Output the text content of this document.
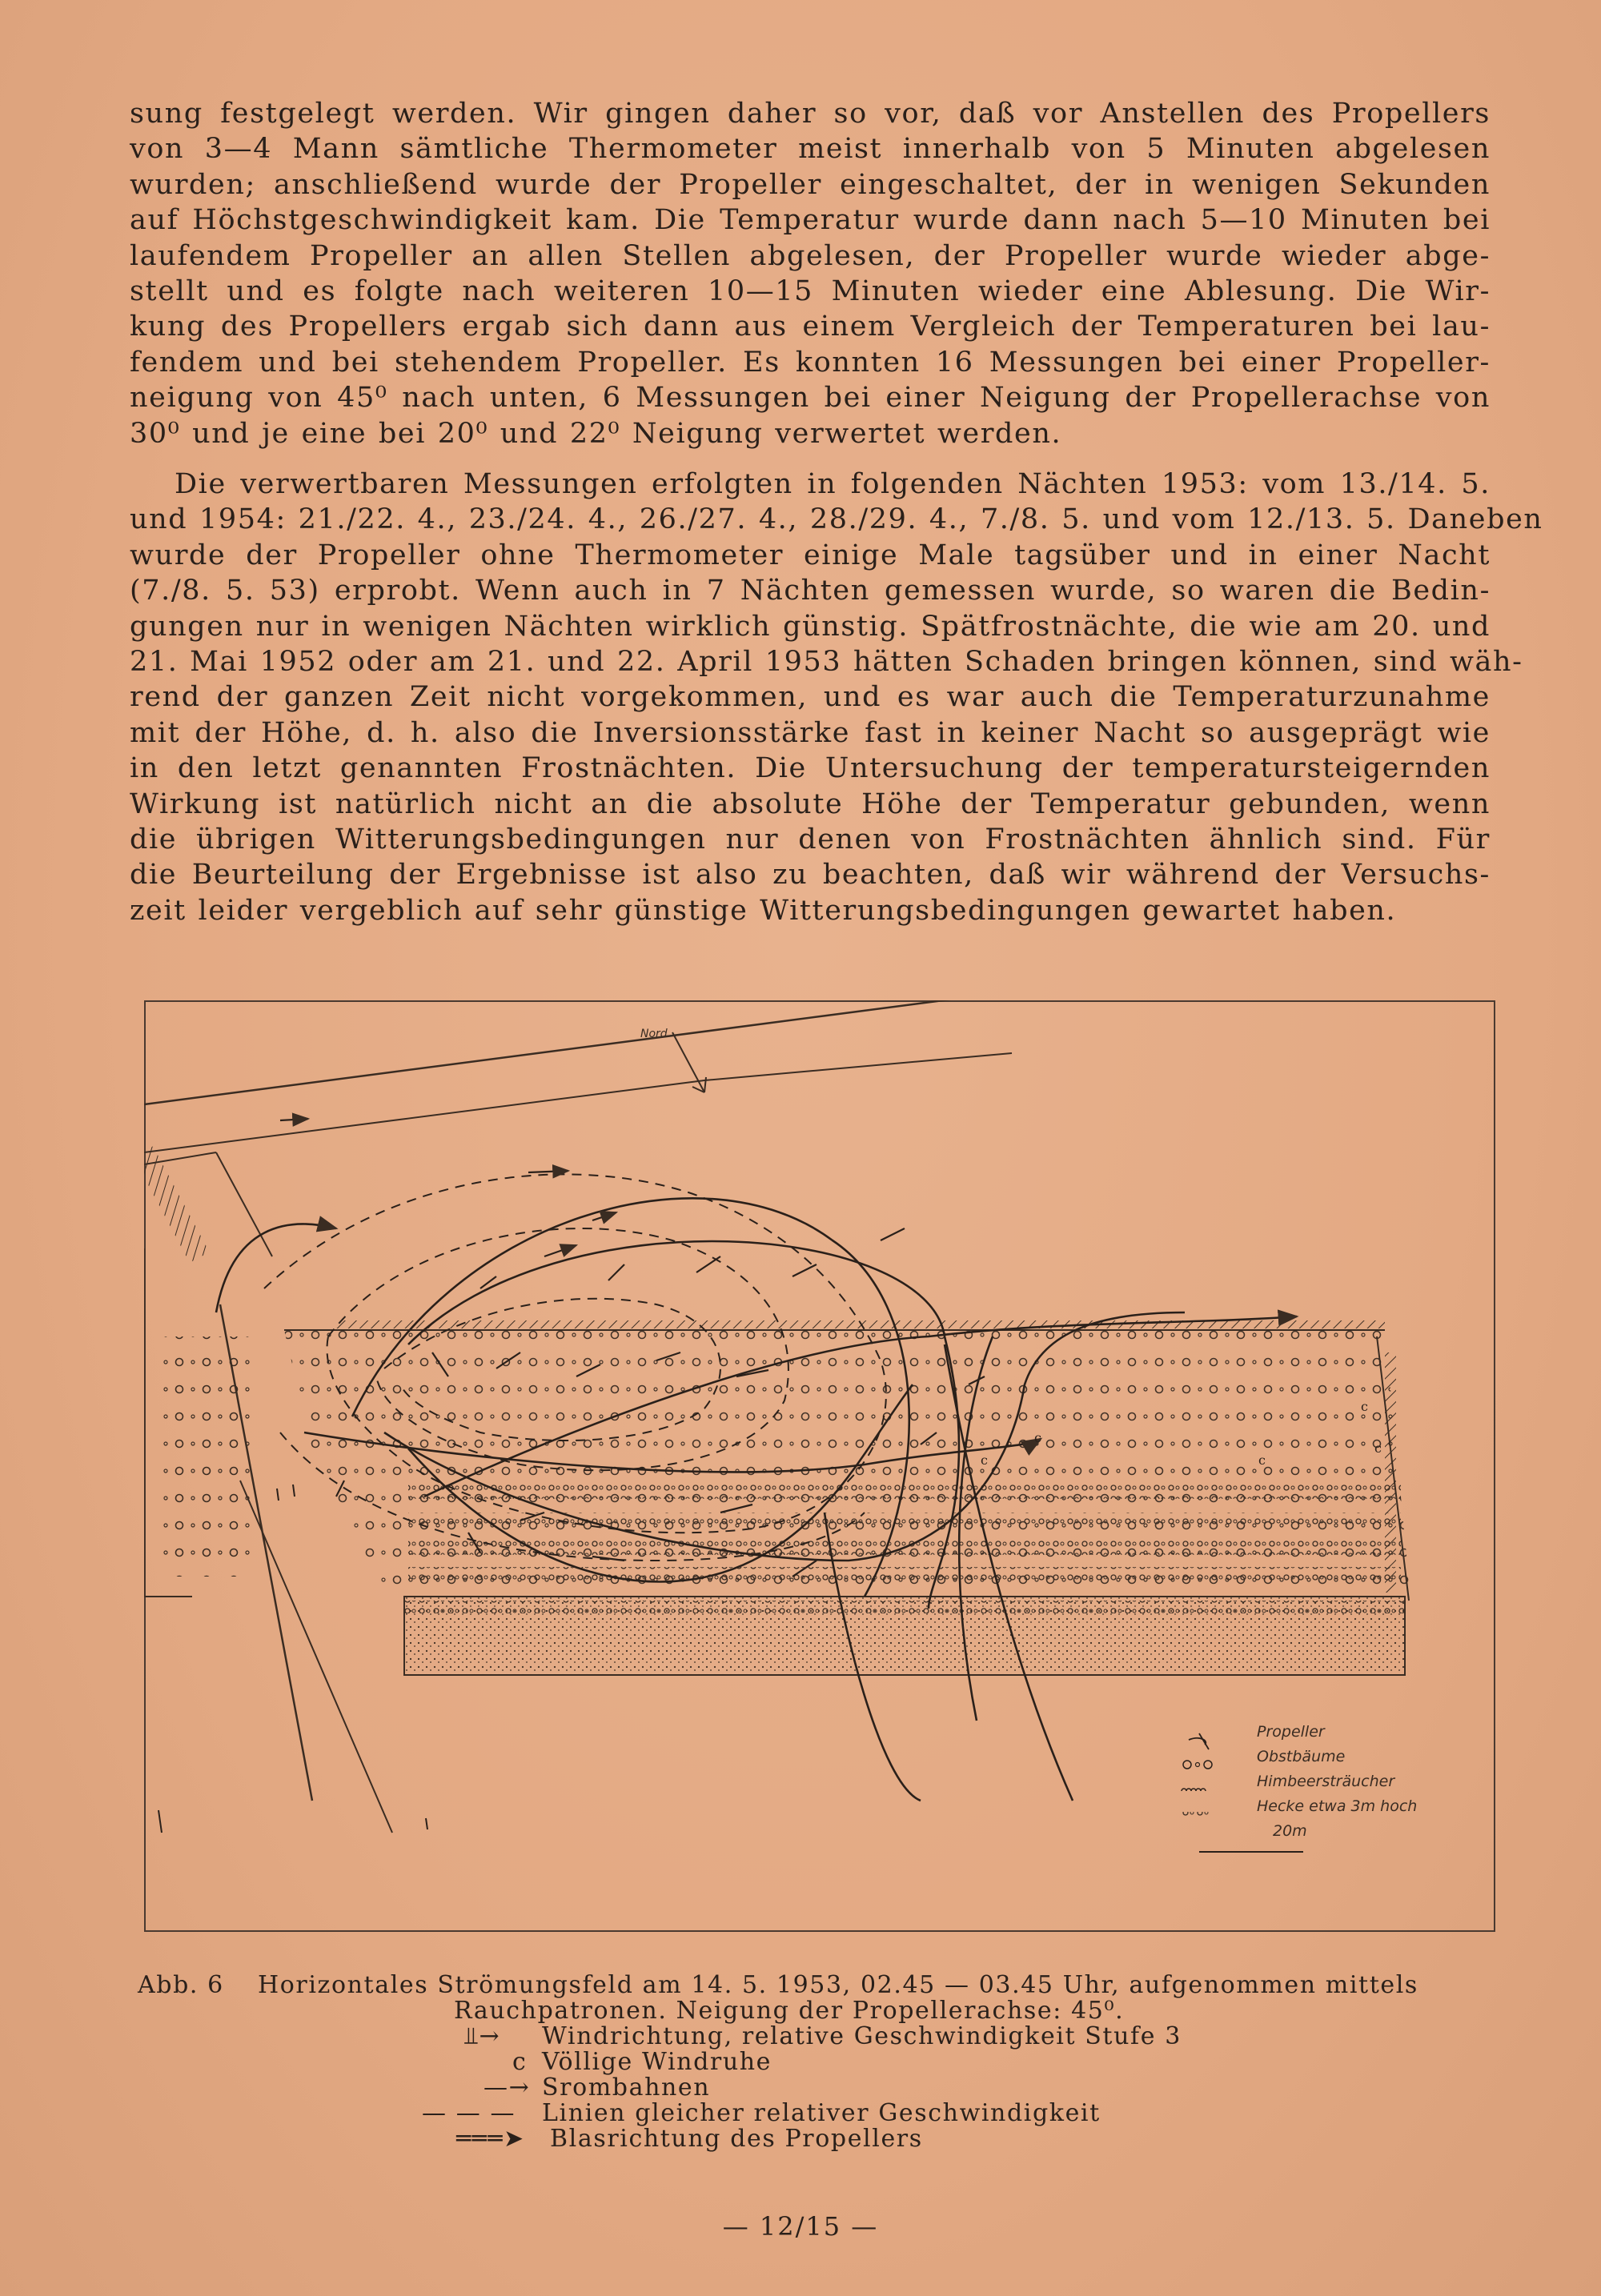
sung festgelegt werden. Wir gingen daher so vor, daß vor Anstellen des Propellers
von 3—4 Mann sämtliche Thermometer meist innerhalb von 5 Minuten abgelesen
wurden; anschließend wurde der Propeller eingeschaltet, der in wenigen Sekunden
auf Höchstgeschwindigkeit kam. Die Temperatur wurde dann nach 5—10 Minuten bei
laufendem Propeller an allen Stellen abgelesen, der Propeller wurde wieder abge-
stellt und es folgte nach weiteren 10—15 Minuten wieder eine Ablesung. Die Wir-
kung des Propellers ergab sich dann aus einem Vergleich der Temperaturen bei lau-
fendem und bei stehendem Propeller. Es konnten 16 Messungen bei einer Propeller-
neigung von 45⁰ nach unten, 6 Messungen bei einer Neigung der Propellerachse von
30⁰ und je eine bei 20⁰ und 22⁰ Neigung verwertet werden.
Die verwertbaren Messungen erfolgten in folgenden Nächten 1953: vom 13./14. 5.
und 1954: 21./22. 4., 23./24. 4., 26./27. 4., 28./29. 4., 7./8. 5. und vom 12./13. 5. Daneben
wurde der Propeller ohne Thermometer einige Male tagsüber und in einer Nacht
(7./8. 5. 53) erprobt. Wenn auch in 7 Nächten gemessen wurde, so waren die Bedin-
gungen nur in wenigen Nächten wirklich günstig. Spätfrostnächte, die wie am 20. und
21. Mai 1952 oder am 21. und 22. April 1953 hätten Schaden bringen können, sind wäh-
rend der ganzen Zeit nicht vorgekommen, und es war auch die Temperaturzunahme
mit der Höhe, d. h. also die Inversionsstärke fast in keiner Nacht so ausgeprägt wie
in den letzt genannten Frostnächten. Die Untersuchung der temperatursteigernden
Wirkung ist natürlich nicht an die absolute Höhe der Temperatur gebunden, wenn
die übrigen Witterungsbedingungen nur denen von Frostnächten ähnlich sind. Für
die Beurteilung der Ergebnisse ist also zu beachten, daß wir während der Versuchs-
zeit leider vergeblich auf sehr günstige Witterungsbedingungen gewartet haben.
Nord
c
c
c
c
c
Propeller
Obstbäume
Himbeersträucher
Hecke etwa 3m hoch
20m
Abb. 6 Horizontales Strömungsfeld am 14. 5. 1953, 02.45 — 03.45 Uhr, aufgenommen mittels
Rauchpatronen. Neigung der Propellerachse: 45⁰.
⫫→ Windrichtung, relative Geschwindigkeit Stufe 3
c Völlige Windruhe
—→ Srombahnen
— — — Linien gleicher relativer Geschwindigkeit
═══➤ Blasrichtung des Propellers
— 12/15 —
